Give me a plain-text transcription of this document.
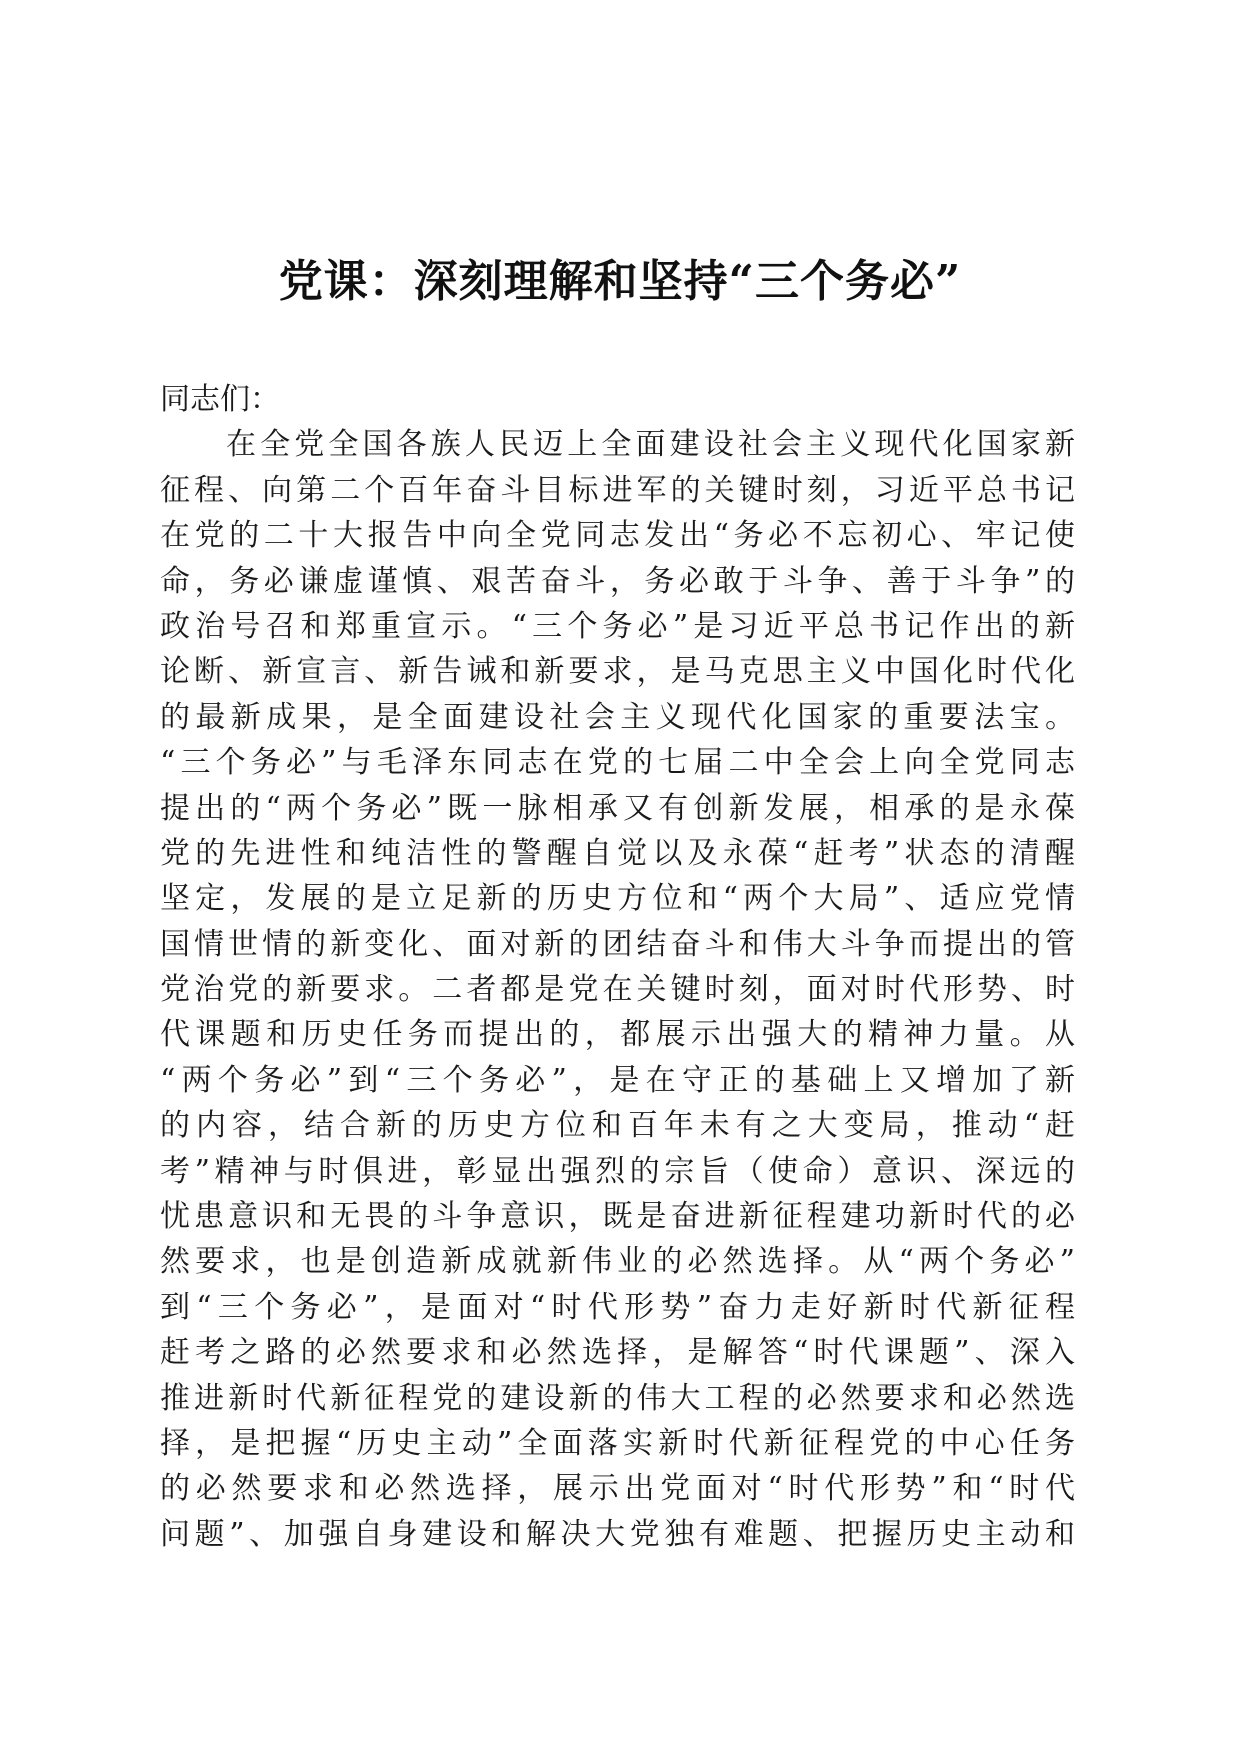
党课：深刻理解和坚持“三个务必”
同志们：
在全党全国各族人民迈上全面建设社会主义现代化国家新
征程、向第二个百年奋斗目标进军的关键时刻，习近平总书记
在党的二十大报告中向全党同志发出“务必不忘初心、牢记使
命，务必谦虚谨慎、艰苦奋斗，务必敢于斗争、善于斗争”的
政治号召和郑重宣示。“三个务必”是习近平总书记作出的新
论断、新宣言、新告诫和新要求，是马克思主义中国化时代化
的最新成果，是全面建设社会主义现代化国家的重要法宝。
“三个务必”与毛泽东同志在党的七届二中全会上向全党同志
提出的“两个务必”既一脉相承又有创新发展，相承的是永葆
党的先进性和纯洁性的警醒自觉以及永葆“赶考”状态的清醒
坚定，发展的是立足新的历史方位和“两个大局”、适应党情
国情世情的新变化、面对新的团结奋斗和伟大斗争而提出的管
党治党的新要求。二者都是党在关键时刻，面对时代形势、时
代课题和历史任务而提出的，都展示出强大的精神力量。从
“两个务必”到“三个务必”，是在守正的基础上又增加了新
的内容，结合新的历史方位和百年未有之大变局，推动“赶
考”精神与时俱进，彰显出强烈的宗旨（使命）意识、深远的
忧患意识和无畏的斗争意识，既是奋进新征程建功新时代的必
然要求，也是创造新成就新伟业的必然选择。从“两个务必”
到“三个务必”，是面对“时代形势”奋力走好新时代新征程
赶考之路的必然要求和必然选择，是解答“时代课题”、深入
推进新时代新征程党的建设新的伟大工程的必然要求和必然选
择，是把握“历史主动”全面落实新时代新征程党的中心任务
的必然要求和必然选择，展示出党面对“时代形势”和“时代
问题”、加强自身建设和解决大党独有难题、把握历史主动和
